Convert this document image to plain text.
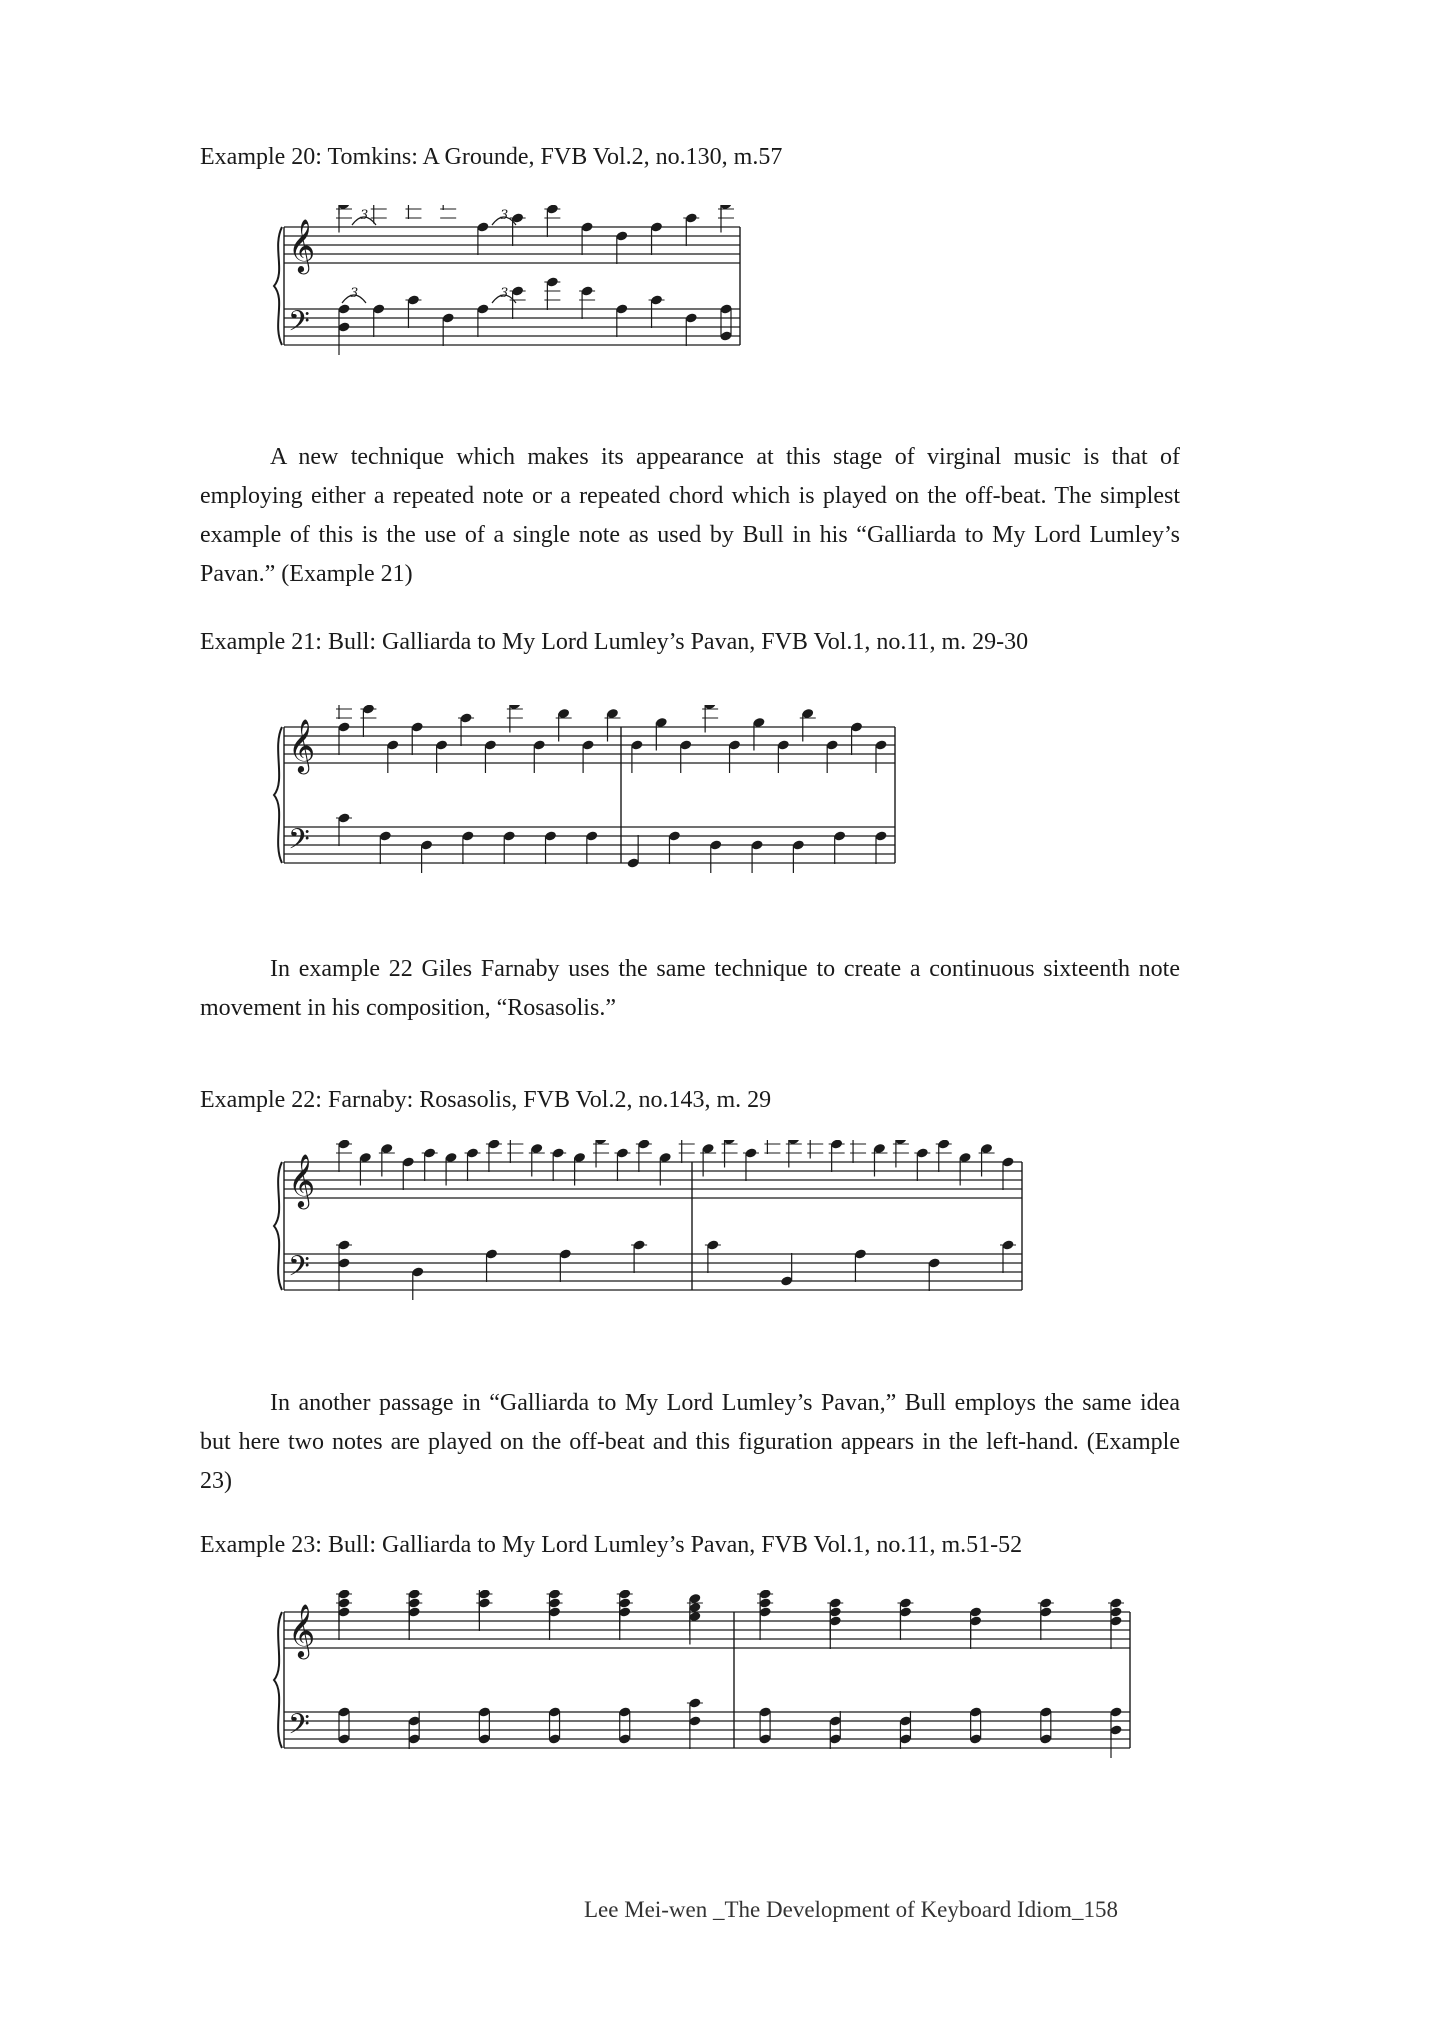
Example 20: Tomkins: A Grounde, FVB Vol.2, no.130, m.57
𝄞
𝄢
3	3
3	3

A new technique which makes its appearance at this stage of virginal music is that of employing either a repeated note or a repeated chord which is played on the off-beat. The simplest example of this is the use of a single note as used by Bull in his “Galliarda to My Lord Lumley’s Pavan.” (Example 21)

Example 21: Bull: Galliarda to My Lord Lumley’s Pavan, FVB Vol.1, no.11, m. 29-30
𝄞
𝄢

In example 22 Giles Farnaby uses the same technique to create a continuous sixteenth note movement in his composition, “Rosasolis.”

Example 22: Farnaby: Rosasolis, FVB Vol.2, no.143, m. 29
𝄞
𝄢

In another passage in “Galliarda to My Lord Lumley’s Pavan,” Bull employs the same idea but here two notes are played on the off-beat and this figuration appears in the left-hand. (Example 23)

Example 23: Bull: Galliarda to My Lord Lumley’s Pavan, FVB Vol.1, no.11, m.51-52
𝄞
𝄢
Lee Mei-wen _The Development of Keyboard Idiom_158
